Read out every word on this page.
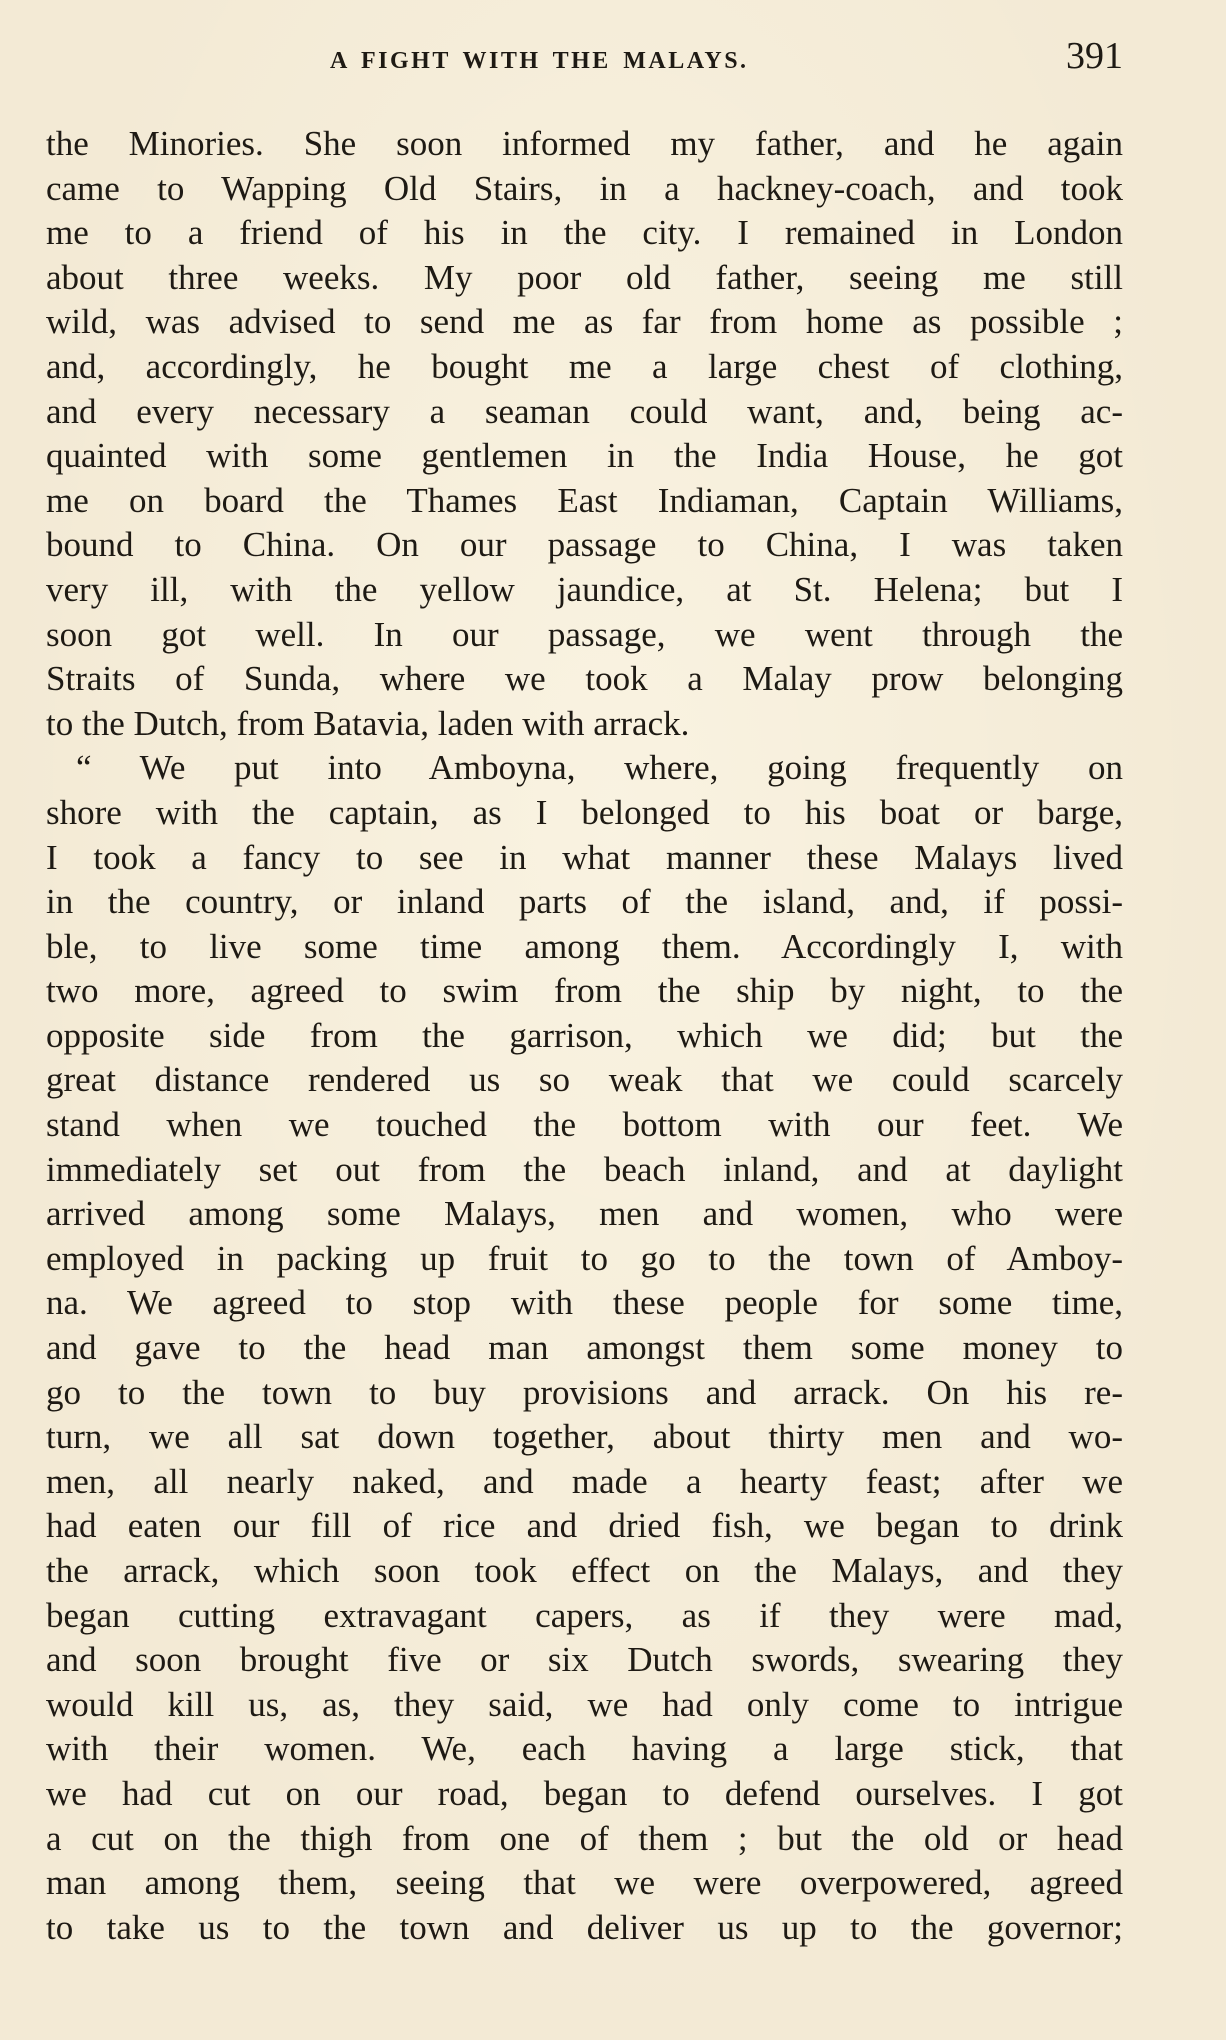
A FIGHT WITH THE MALAYS.	391
the Minories. She soon informed my father, and he again
came to Wapping Old Stairs, in a hackney-coach, and took
me to a friend of his in the city. I remained in London
about three weeks. My poor old father, seeing me still
wild, was advised to send me as far from home as possible ;
and, accordingly, he bought me a large chest of clothing,
and every necessary a seaman could want, and, being ac-
quainted with some gentlemen in the India House, he got
me on board the Thames East Indiaman, Captain Williams,
bound to China. On our passage to China, I was taken
very ill, with the yellow jaundice, at St. Helena; but I
soon got well. In our passage, we went through the
Straits of Sunda, where we took a Malay prow belonging
to the Dutch, from Batavia, laden with arrack.
“ We put into Amboyna, where, going frequently on
shore with the captain, as I belonged to his boat or barge,
I took a fancy to see in what manner these Malays lived
in the country, or inland parts of the island, and, if possi-
ble, to live some time among them. Accordingly I, with
two more, agreed to swim from the ship by night, to the
opposite side from the garrison, which we did; but the
great distance rendered us so weak that we could scarcely
stand when we touched the bottom with our feet. We
immediately set out from the beach inland, and at daylight
arrived among some Malays, men and women, who were
employed in packing up fruit to go to the town of Amboy-
na. We agreed to stop with these people for some time,
and gave to the head man amongst them some money to
go to the town to buy provisions and arrack. On his re-
turn, we all sat down together, about thirty men and wo-
men, all nearly naked, and made a hearty feast; after we
had eaten our fill of rice and dried fish, we began to drink
the arrack, which soon took effect on the Malays, and they
began cutting extravagant capers, as if they were mad,
and soon brought five or six Dutch swords, swearing they
would kill us, as, they said, we had only come to intrigue
with their women. We, each having a large stick, that
we had cut on our road, began to defend ourselves. I got
a cut on the thigh from one of them ; but the old or head
man among them, seeing that we were overpowered, agreed
to take us to the town and deliver us up to the governor;
